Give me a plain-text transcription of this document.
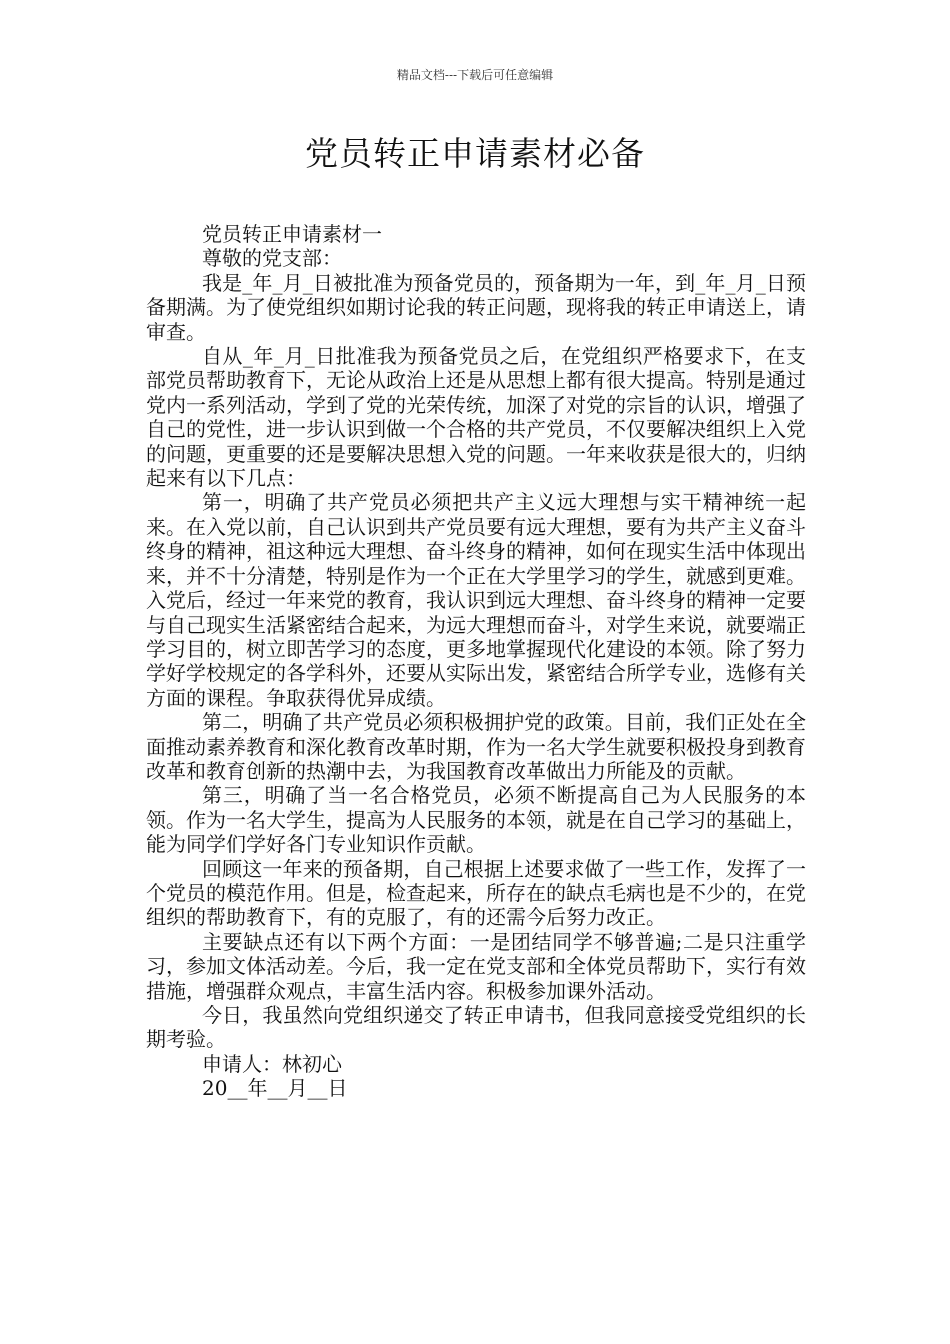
精品文档---下载后可任意编辑
党员转正申请素材必备

党员转正申请素材一

尊敬的党支部：

我是_年_月_日被批准为预备党员的，预备期为一年，到_年_月_日预备期满。为了使党组织如期讨论我的转正问题，现将我的转正申请送上，请审查。

自从_年_月_日批准我为预备党员之后，在党组织严格要求下，在支部党员帮助教育下，无论从政治上还是从思想上都有很大提高。特别是通过党内一系列活动，学到了党的光荣传统，加深了对党的宗旨的认识，增强了自己的党性，进一步认识到做一个合格的共产党员，不仅要解决组织上入党的问题，更重要的还是要解决思想入党的问题。一年来收获是很大的，归纳起来有以下几点：

第一，明确了共产党员必须把共产主义远大理想与实干精神统一起来。在入党以前，自己认识到共产党员要有远大理想，要有为共产主义奋斗终身的精神，祖这种远大理想、奋斗终身的精神，如何在现实生活中体现出来，并不十分清楚，特别是作为一个正在大学里学习的学生，就感到更难。入党后，经过一年来党的教育，我认识到远大理想、奋斗终身的精神一定要与自己现实生活紧密结合起来，为远大理想而奋斗，对学生来说，就要端正学习目的，树立即苦学习的态度，更多地掌握现代化建设的本领。除了努力学好学校规定的各学科外，还要从实际出发，紧密结合所学专业，选修有关方面的课程。争取获得优异成绩。

第二，明确了共产党员必须积极拥护党的政策。目前，我们正处在全面推动素养教育和深化教育改革时期，作为一名大学生就要积极投身到教育改革和教育创新的热潮中去，为我国教育改革做出力所能及的贡献。

第三，明确了当一名合格党员，必须不断提高自己为人民服务的本领。作为一名大学生，提高为人民服务的本领，就是在自己学习的基础上，能为同学们学好各门专业知识作贡献。

回顾这一年来的预备期，自己根据上述要求做了一些工作，发挥了一个党员的模范作用。但是，检查起来，所存在的缺点毛病也是不少的，在党组织的帮助教育下，有的克服了，有的还需今后努力改正。

主要缺点还有以下两个方面：一是团结同学不够普遍;二是只注重学习，参加文体活动差。今后，我一定在党支部和全体党员帮助下，实行有效措施，增强群众观点，丰富生活内容。积极参加课外活动。

今日，我虽然向党组织递交了转正申请书，但我同意接受党组织的长期考验。

申请人：林初心

20__年__月__日
